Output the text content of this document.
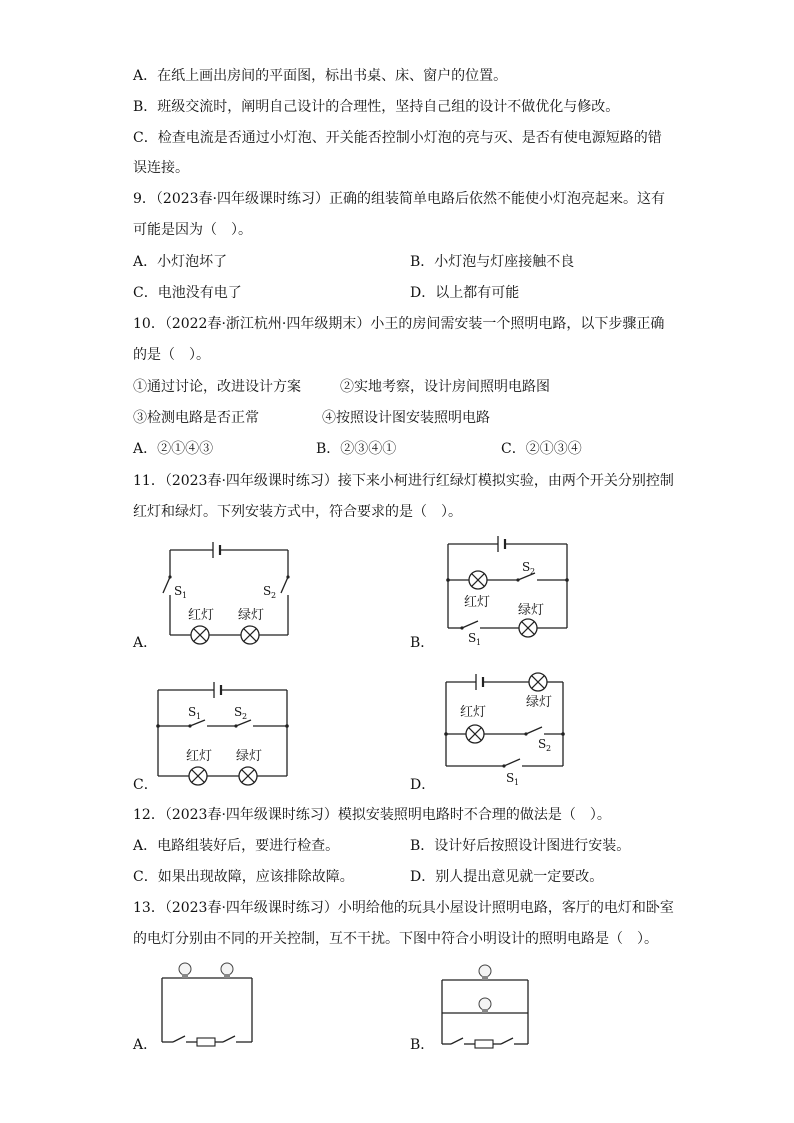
A．在纸上画出房间的平面图，标出书桌、床、窗户的位置。
B．班级交流时，阐明自己设计的合理性，坚持自己组的设计不做优化与修改。
C．检查电流是否通过小灯泡、开关能否控制小灯泡的亮与灭、是否有使电源短路的错
误连接。
9．（2023春·四年级课时练习）正确的组装简单电路后依然不能使小灯泡亮起来。这有
可能是因为（　）。
A．小灯泡坏了	B．小灯泡与灯座接触不良
C．电池没有电了	D．以上都有可能
10．（2022春·浙江杭州·四年级期末）小王的房间需安装一个照明电路，以下步骤正确
的是（　）。
①通过讨论，改进设计方案	②实地考察，设计房间照明电路图
③检测电路是否正常	④按照设计图安装照明电路
A．②①④③	B．②③④①	C．②①③④
11．（2023春·四年级课时练习）接下来小柯进行红绿灯模拟实验，由两个开关分别控制
红灯和绿灯。下列安装方式中，符合要求的是（　）。
A．
S 1	S 2
红灯 绿灯
B．
S 2
红灯
绿灯
S 1
C．
S 1	S 2
红灯 绿灯
D．
绿灯
红灯
S 2
S 1
12．（2023春·四年级课时练习）模拟安装照明电路时不合理的做法是（　）。
A．电路组装好后，要进行检查。	B．设计好后按照设计图进行安装。
C．如果出现故障，应该排除故障。	D．别人提出意见就一定要改。
13．（2023春·四年级课时练习）小明给他的玩具小屋设计照明电路，客厅的电灯和卧室
的电灯分别由不同的开关控制，互不干扰。下图中符合小明设计的照明电路是（　）。
A．	B．
